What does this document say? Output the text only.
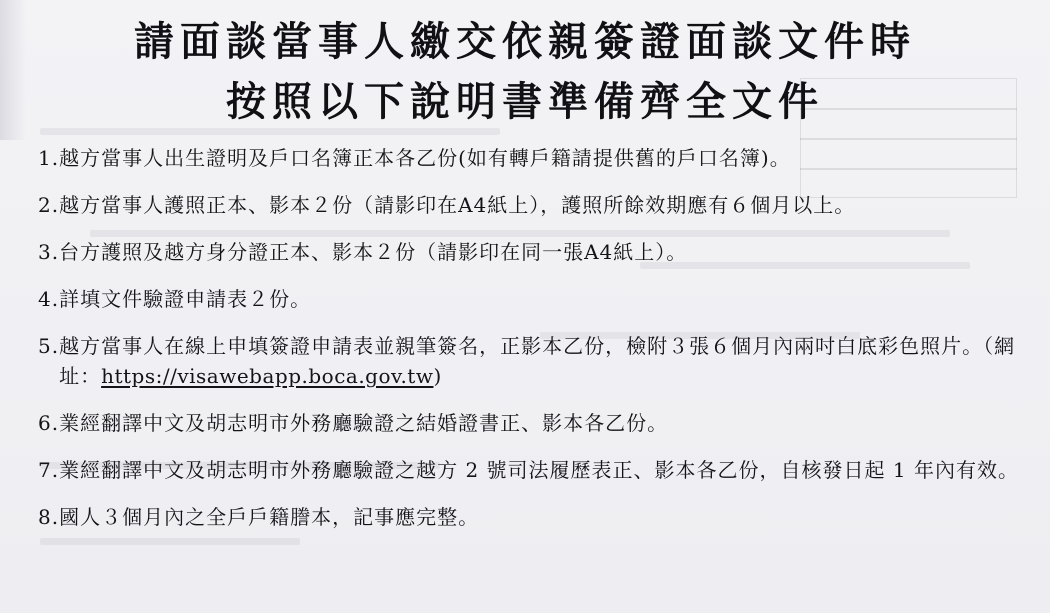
請面談當事人繳交依親簽證面談文件時
按照以下說明書準備齊全文件
1. 越方當事人出生證明及戶口名簿正本各乙份(如有轉戶籍請提供舊的戶口名簿)。
2. 越方當事人護照正本、影本２份（請影印在A4紙上），護照所餘效期應有６個月以上。
3. 台方護照及越方身分證正本、影本２份（請影印在同一張A4紙上）。
4. 詳填文件驗證申請表２份。
5. 越方當事人在線上申填簽證申請表並親筆簽名，正影本乙份，檢附３張６個月內兩吋白底彩色照片。（網址：https://visawebapp.boca.gov.tw)
6. 業經翻譯中文及胡志明市外務廳驗證之結婚證書正、影本各乙份。
7. 業經翻譯中文及胡志明市外務廳驗證之越方 2 號司法履歷表正、影本各乙份，自核發日起 1 年內有效。
8. 國人３個月內之全戶戶籍謄本，記事應完整。
